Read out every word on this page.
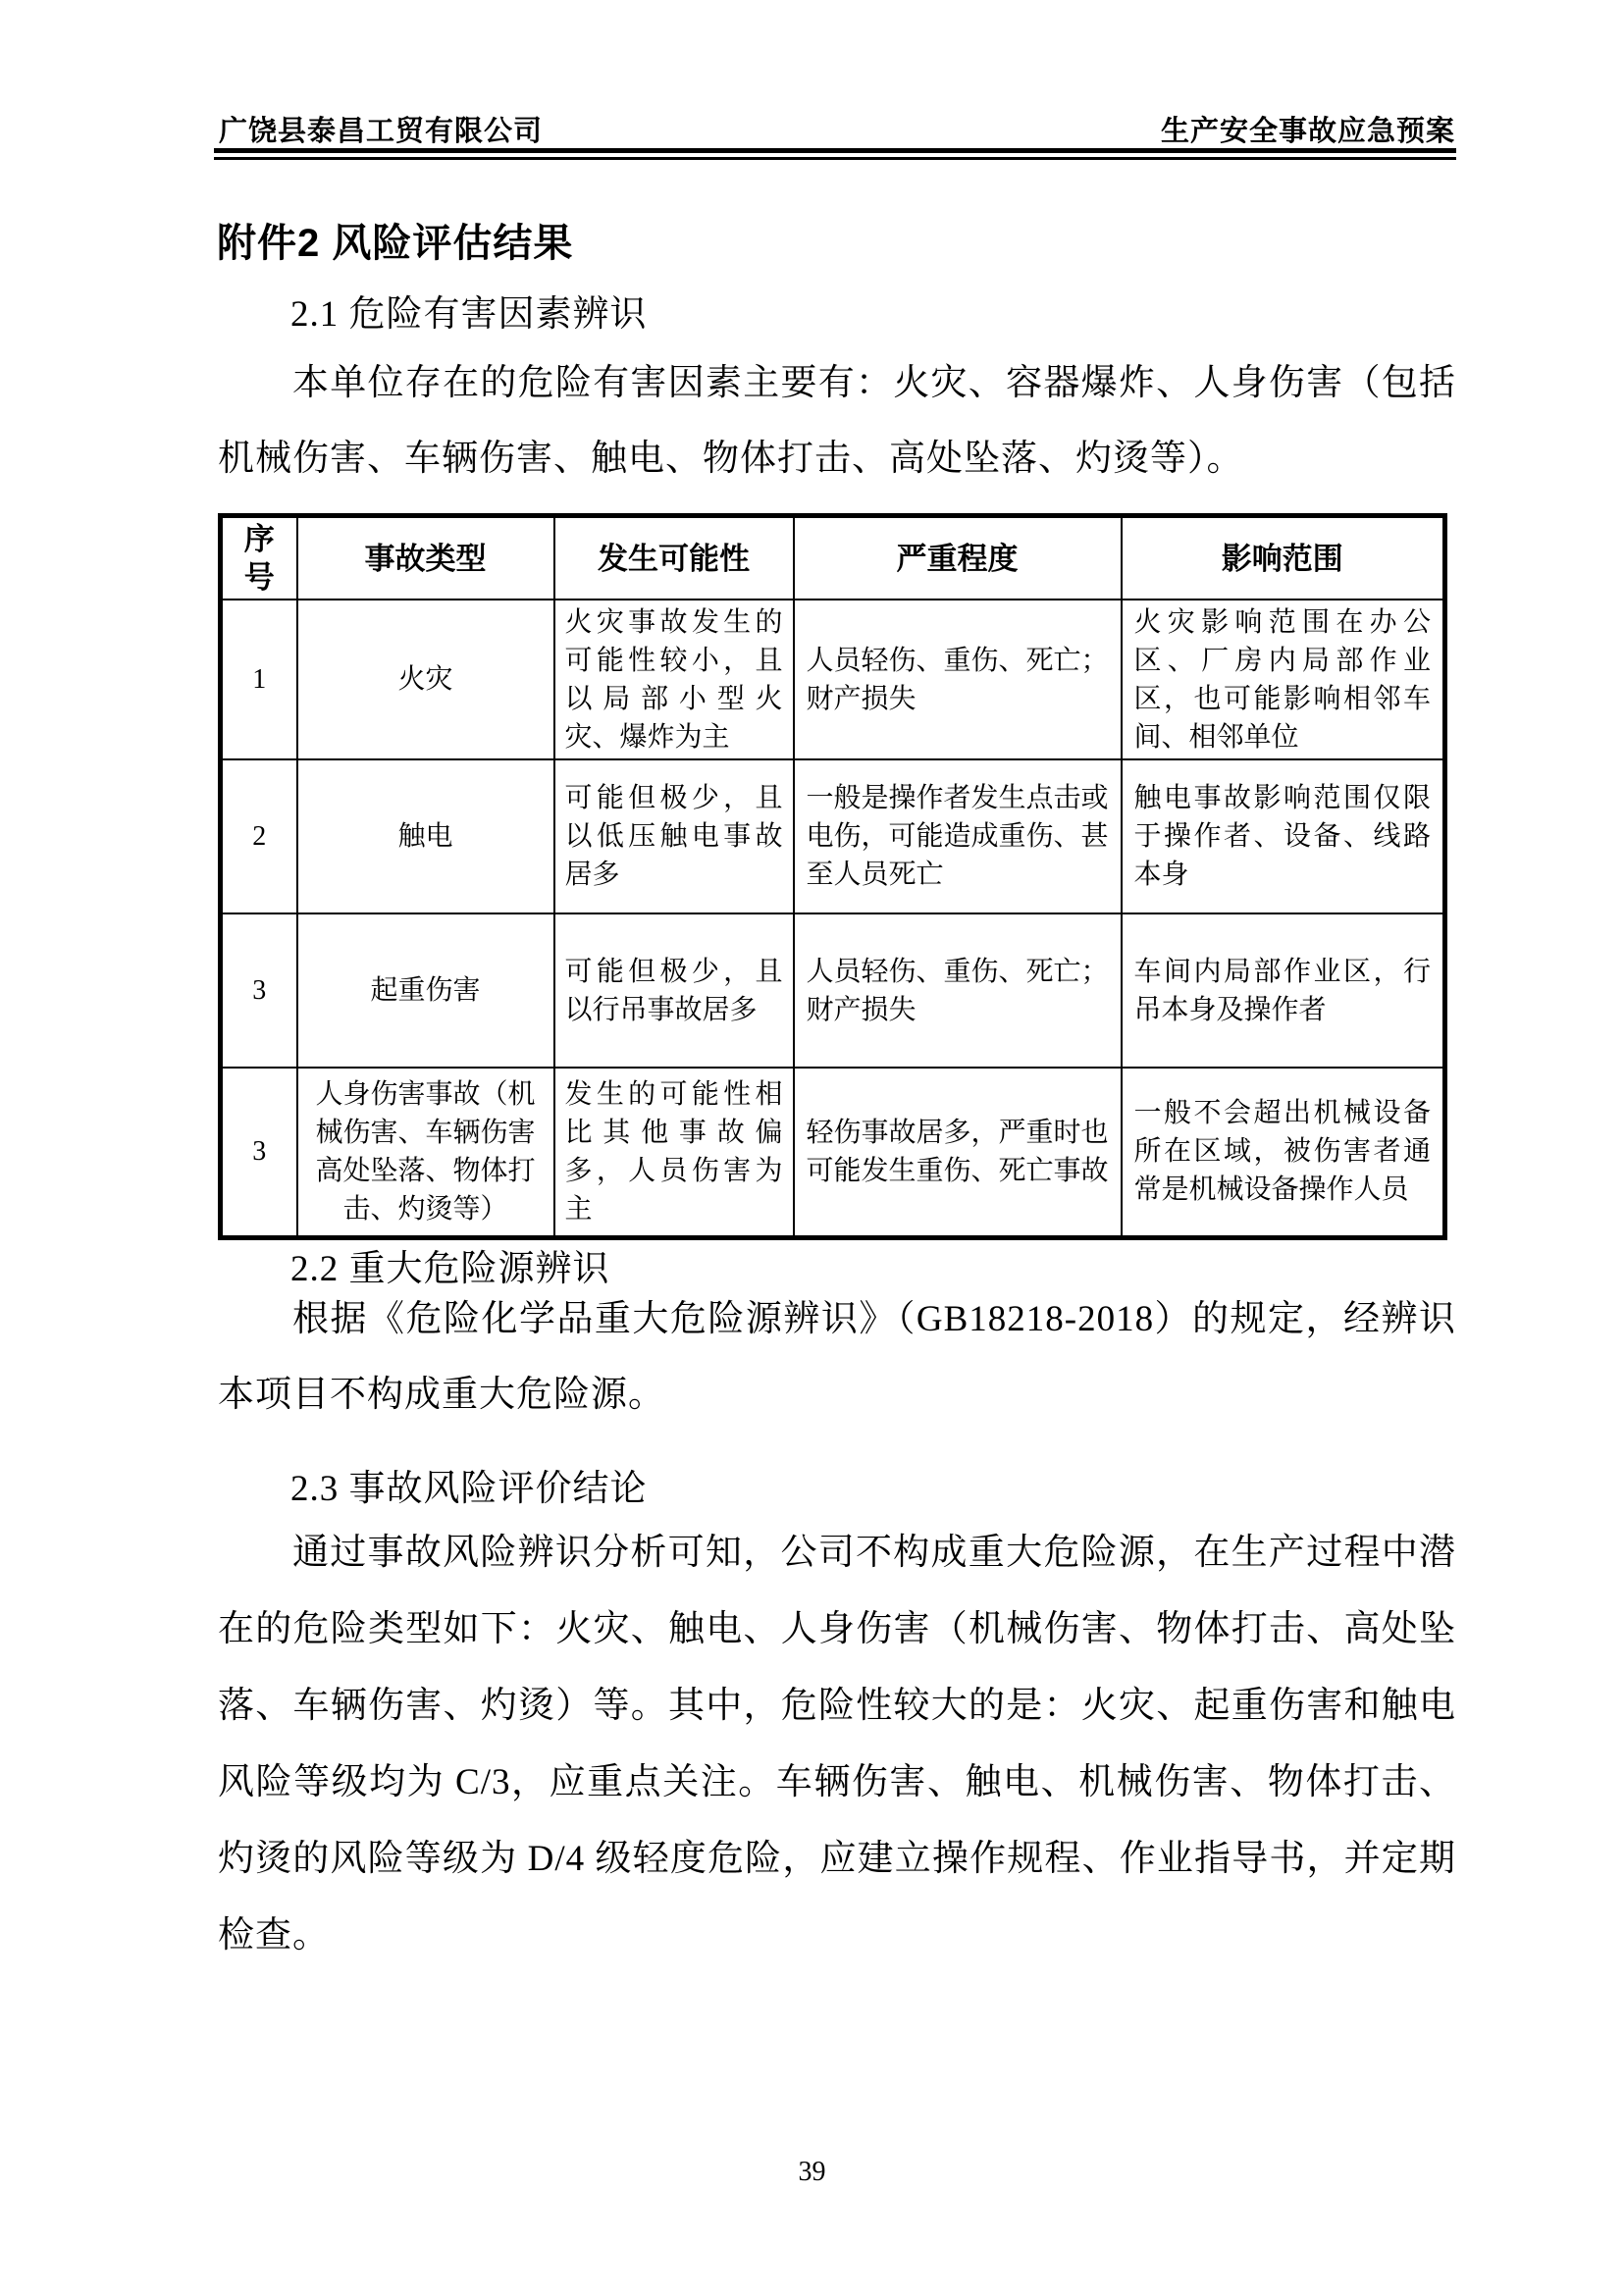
广饶县泰昌工贸有限公司	生产安全事故应急预案
附件2 风险评估结果
2.1 危险有害因素辨识

本单位存在的危险有害因素主要有：火灾、容器爆炸、人身伤害（包括机械伤害、车辆伤害、触电、物体打击、高处坠落、灼烫等）。

序号	事故类型	发生可能性	严重程度	影响范围
1	火灾	火灾事故发生的可能性较小，且以局部小型火灾、爆炸为主	人员轻伤、重伤、死亡；财产损失	火灾影响范围在办公区、厂房内局部作业区，也可能影响相邻车间、相邻单位
2	触电	可能但极少，且以低压触电事故居多	一般是操作者发生点击或电伤，可能造成重伤、甚至人员死亡	触电事故影响范围仅限于操作者、设备、线路本身
3	起重伤害	可能但极少，且以行吊事故居多	人员轻伤、重伤、死亡；财产损失	车间内局部作业区，行吊本身及操作者
3	人身伤害事故（机械伤害、车辆伤害高处坠落、物体打击、灼烫等）	发生的可能性相比其他事故偏多，人员伤害为主	轻伤事故居多，严重时也可能发生重伤、死亡事故	一般不会超出机械设备所在区域，被伤害者通常是机械设备操作人员
2.2 重大危险源辨识

根据《危险化学品重大危险源辨识》（GB18218-2018）的规定，经辨识本项目不构成重大危险源。

2.3 事故风险评价结论

通过事故风险辨识分析可知，公司不构成重大危险源，在生产过程中潜在的危险类型如下：火灾、触电、人身伤害（机械伤害、物体打击、高处坠落、车辆伤害、灼烫）等。其中，危险性较大的是：火灾、起重伤害和触电风险等级均为 C/3，应重点关注。车辆伤害、触电、机械伤害、物体打击、灼烫的风险等级为 D/4 级轻度危险，应建立操作规程、作业指导书，并定期检查。

39
